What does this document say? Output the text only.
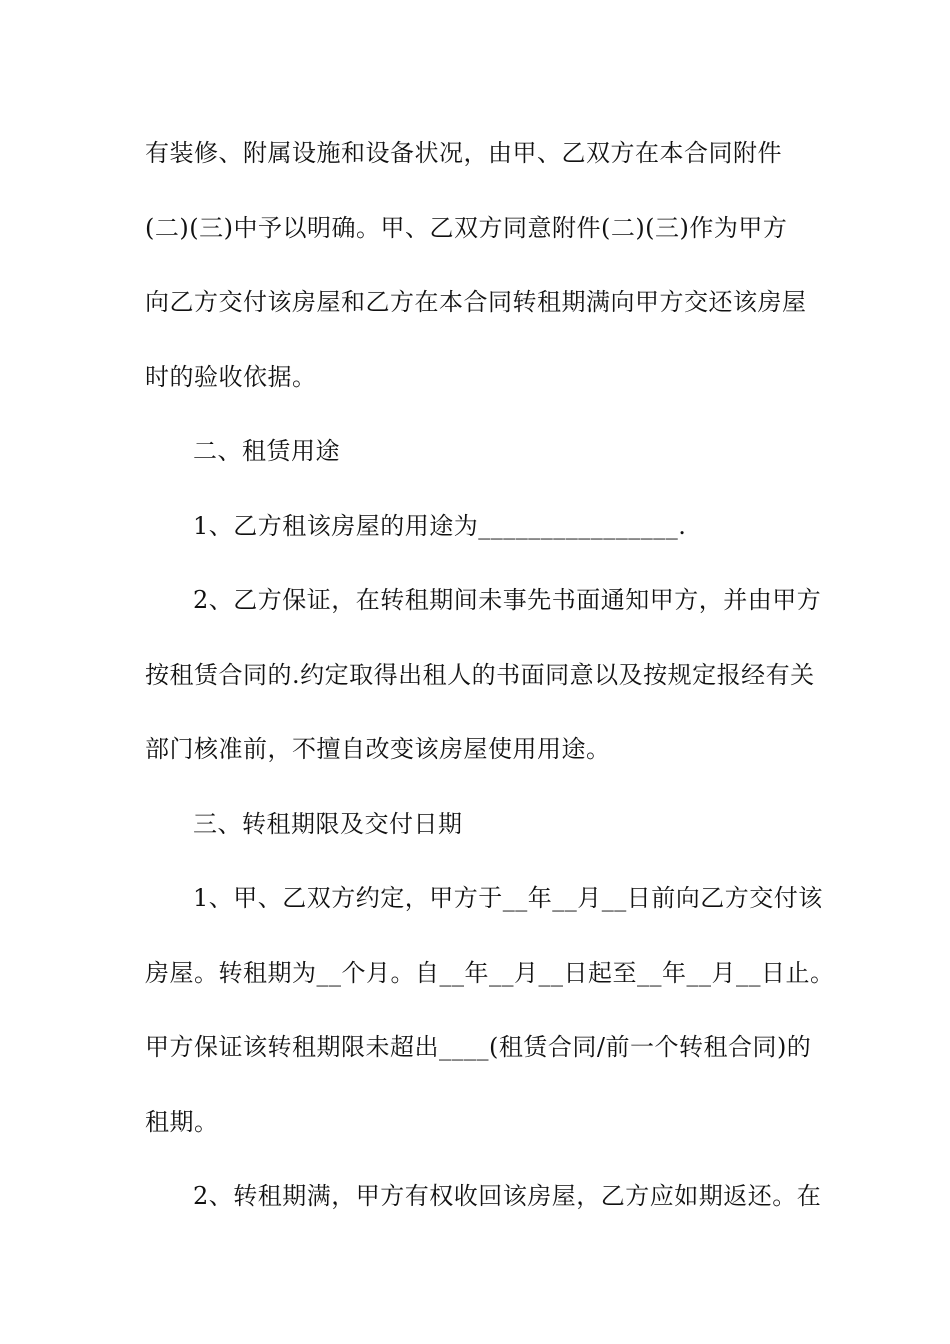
有装修、附属设施和设备状况，由甲、乙双方在本合同附件
(二)(三)中予以明确。甲、乙双方同意附件(二)(三)作为甲方
向乙方交付该房屋和乙方在本合同转租期满向甲方交还该房屋
时的验收依据。
二、租赁用途
1、乙方租该房屋的用途为________________.
2、乙方保证，在转租期间未事先书面通知甲方，并由甲方
按租赁合同的.约定取得出租人的书面同意以及按规定报经有关
部门核准前，不擅自改变该房屋使用用途。
三、转租期限及交付日期
1、甲、乙双方约定，甲方于__年__月__日前向乙方交付该
房屋。转租期为__个月。自__年__月__日起至__年__月__日止。
甲方保证该转租期限未超出____(租赁合同/前一个转租合同)的
租期。
2、转租期满，甲方有权收回该房屋，乙方应如期返还。在
